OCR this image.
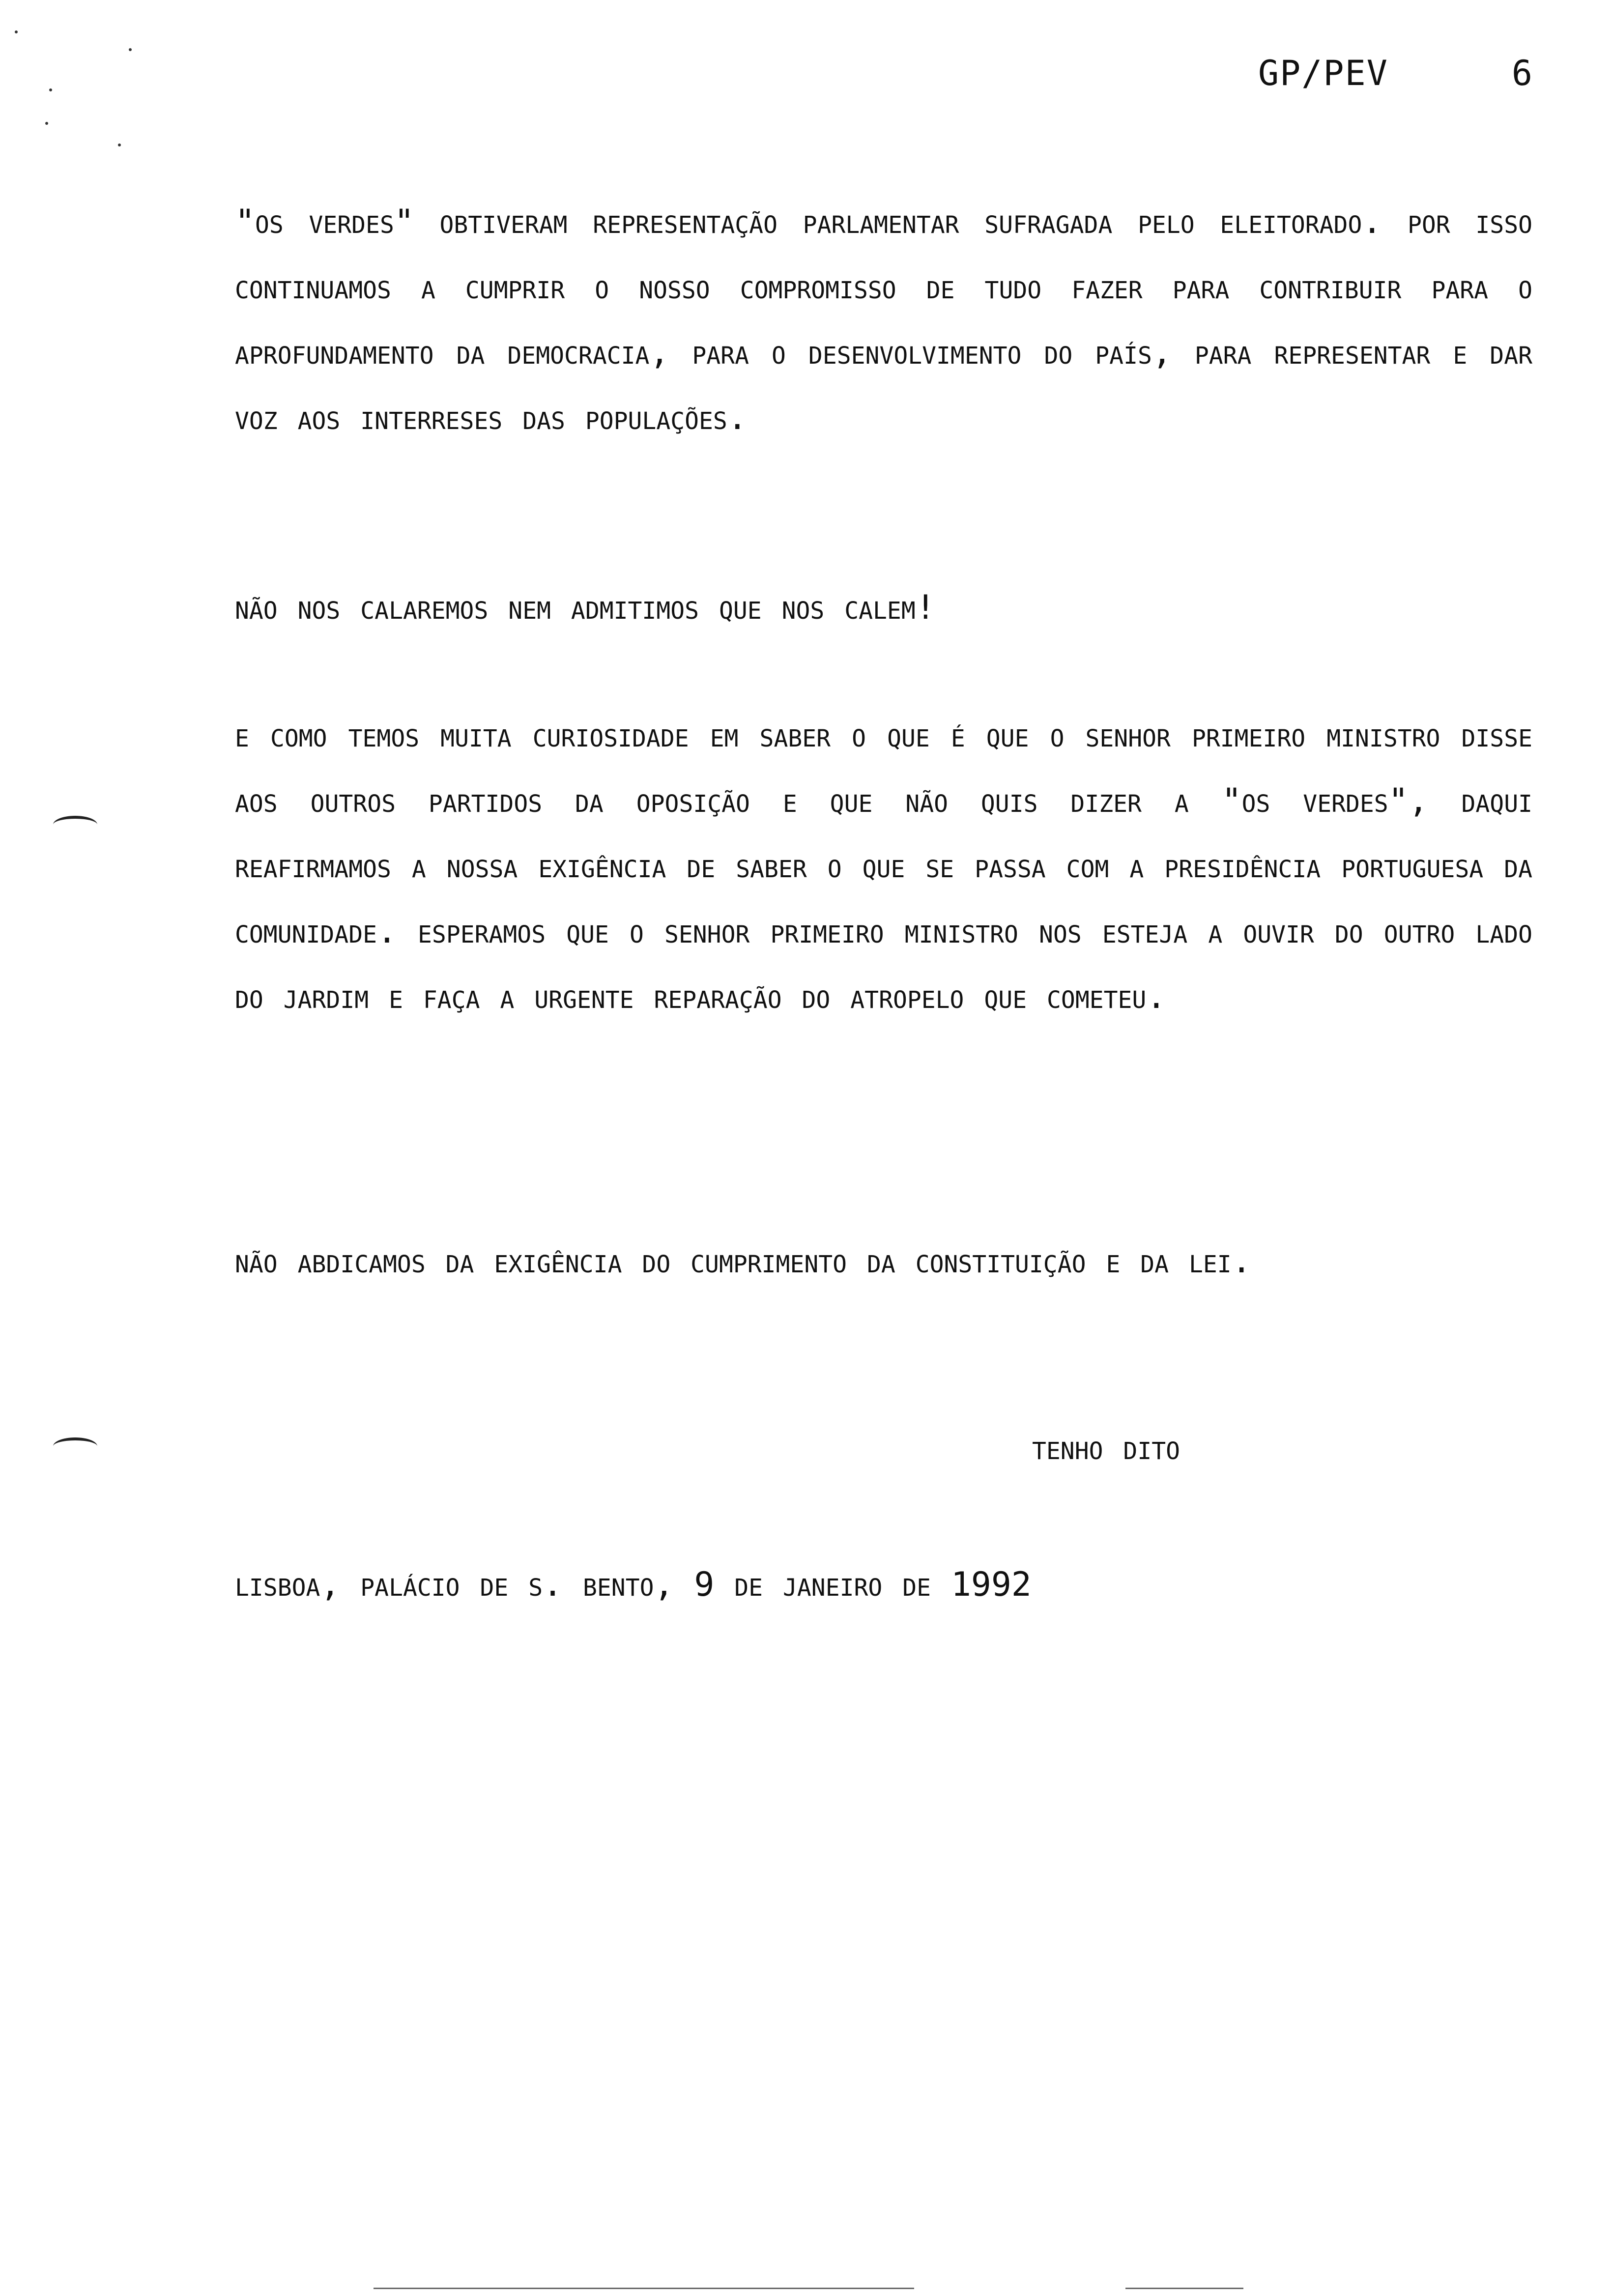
GP/PEV	6

"os verdes" obtiveram representação parlamentar sufragada pelo eleitorado. por isso continuamos a cumprir o nosso compromisso de tudo fazer para contribuir para o aprofundamento da democracia, para o desenvolvimento do país, para representar e dar voz aos interreses das populações.

não nos calaremos nem admitimos que nos calem!

e como temos muita curiosidade em saber o que é que o senhor primeiro ministro disse aos outros partidos da oposição e que não quis dizer a "os verdes", daqui reafirmamos a nossa exigência de saber o que se passa com a presidência portuguesa da comunidade. esperamos que o senhor primeiro ministro nos esteja a ouvir do outro lado do jardim e faça a urgente reparação do atropelo que cometeu.

não abdicamos da exigência do cumprimento da constituição e da lei.

tenho dito
lisboa, palácio de s. bento, 9 de janeiro de 1992
